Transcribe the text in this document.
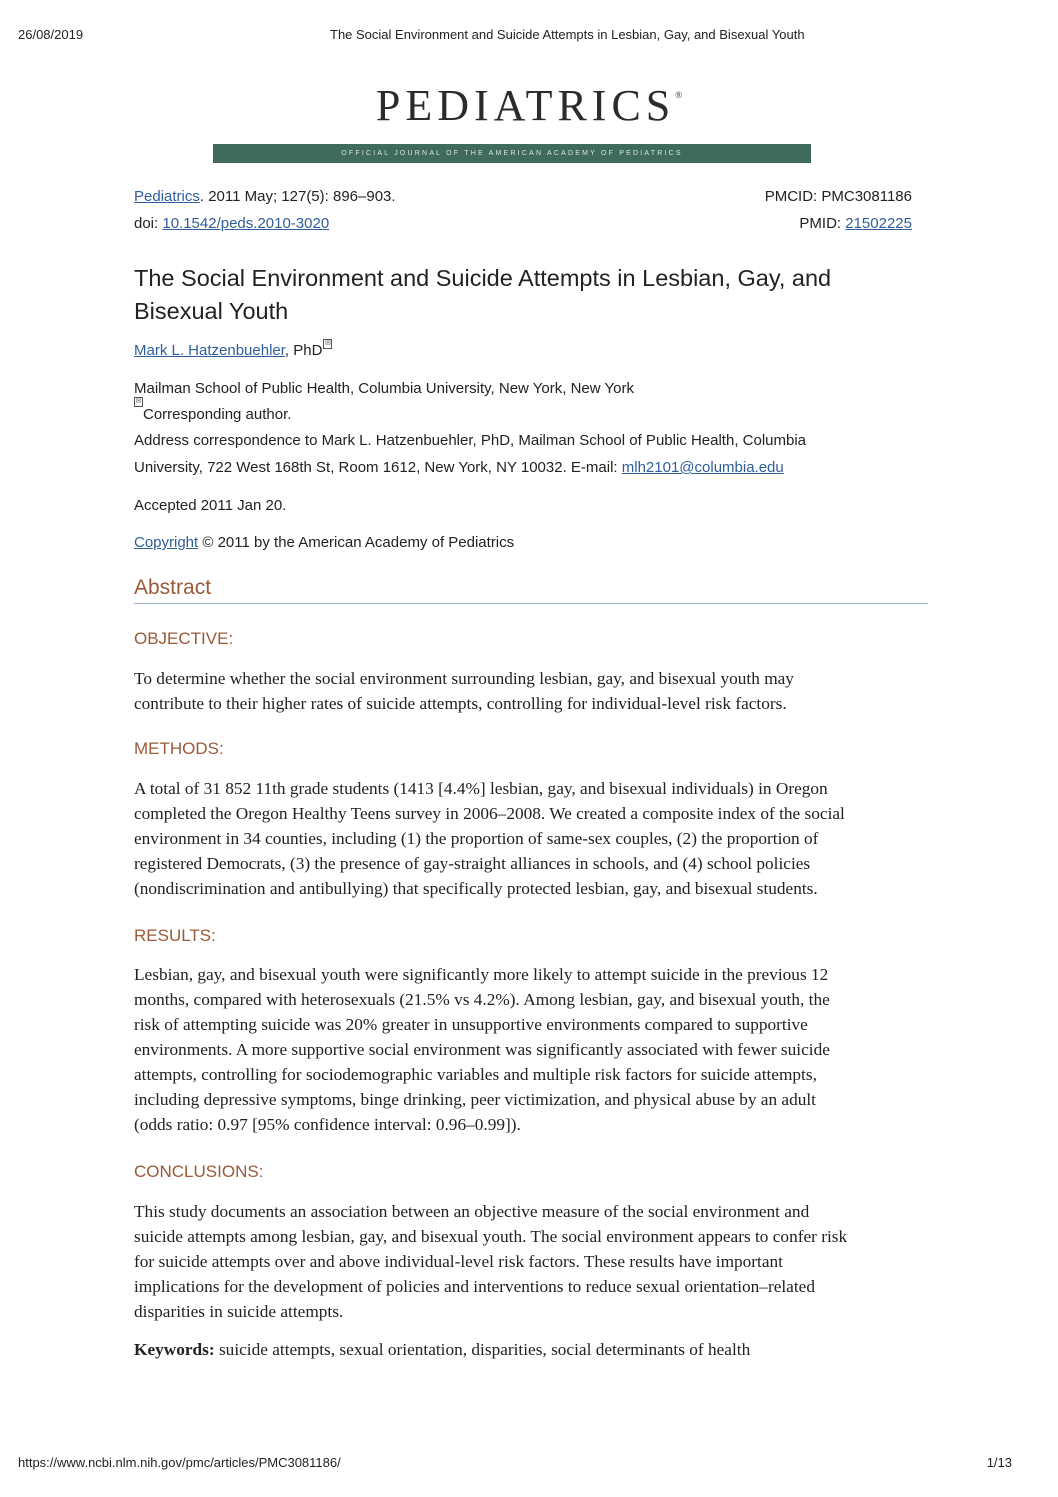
26/08/2019	The Social Environment and Suicide Attempts in Lesbian, Gay, and Bisexual Youth
PEDIATRICS®
OFFICIAL JOURNAL OF THE AMERICAN ACADEMY OF PEDIATRICS
Pediatrics. 2011 May; 127(5): 896–903.
doi: 10.1542/peds.2010-3020
PMCID: PMC3081186
PMID: 21502225
The Social Environment and Suicide Attempts in Lesbian, Gay, and Bisexual Youth
Mark L. Hatzenbuehler, PhD ✉
Mailman School of Public Health, Columbia University, New York, New York
✉Corresponding author.
Address correspondence to Mark L. Hatzenbuehler, PhD, Mailman School of Public Health, Columbia
University, 722 West 168th St, Room 1612, New York, NY 10032. E-mail: mlh2101@columbia.edu
Accepted 2011 Jan 20.
Copyright © 2011 by the American Academy of Pediatrics
Abstract
OBJECTIVE:
To determine whether the social environment surrounding lesbian, gay, and bisexual youth may
contribute to their higher rates of suicide attempts, controlling for individual-level risk factors.
METHODS:
A total of 31 852 11th grade students (1413 [4.4%] lesbian, gay, and bisexual individuals) in Oregon
completed the Oregon Healthy Teens survey in 2006–2008. We created a composite index of the social
environment in 34 counties, including (1) the proportion of same-sex couples, (2) the proportion of
registered Democrats, (3) the presence of gay-straight alliances in schools, and (4) school policies
(nondiscrimination and antibullying) that specifically protected lesbian, gay, and bisexual students.
RESULTS:
Lesbian, gay, and bisexual youth were significantly more likely to attempt suicide in the previous 12
months, compared with heterosexuals (21.5% vs 4.2%). Among lesbian, gay, and bisexual youth, the
risk of attempting suicide was 20% greater in unsupportive environments compared to supportive
environments. A more supportive social environment was significantly associated with fewer suicide
attempts, controlling for sociodemographic variables and multiple risk factors for suicide attempts,
including depressive symptoms, binge drinking, peer victimization, and physical abuse by an adult
(odds ratio: 0.97 [95% confidence interval: 0.96–0.99]).
CONCLUSIONS:
This study documents an association between an objective measure of the social environment and
suicide attempts among lesbian, gay, and bisexual youth. The social environment appears to confer risk
for suicide attempts over and above individual-level risk factors. These results have important
implications for the development of policies and interventions to reduce sexual orientation–related
disparities in suicide attempts.
Keywords: suicide attempts, sexual orientation, disparities, social determinants of health
https://www.ncbi.nlm.nih.gov/pmc/articles/PMC3081186/	1/13
